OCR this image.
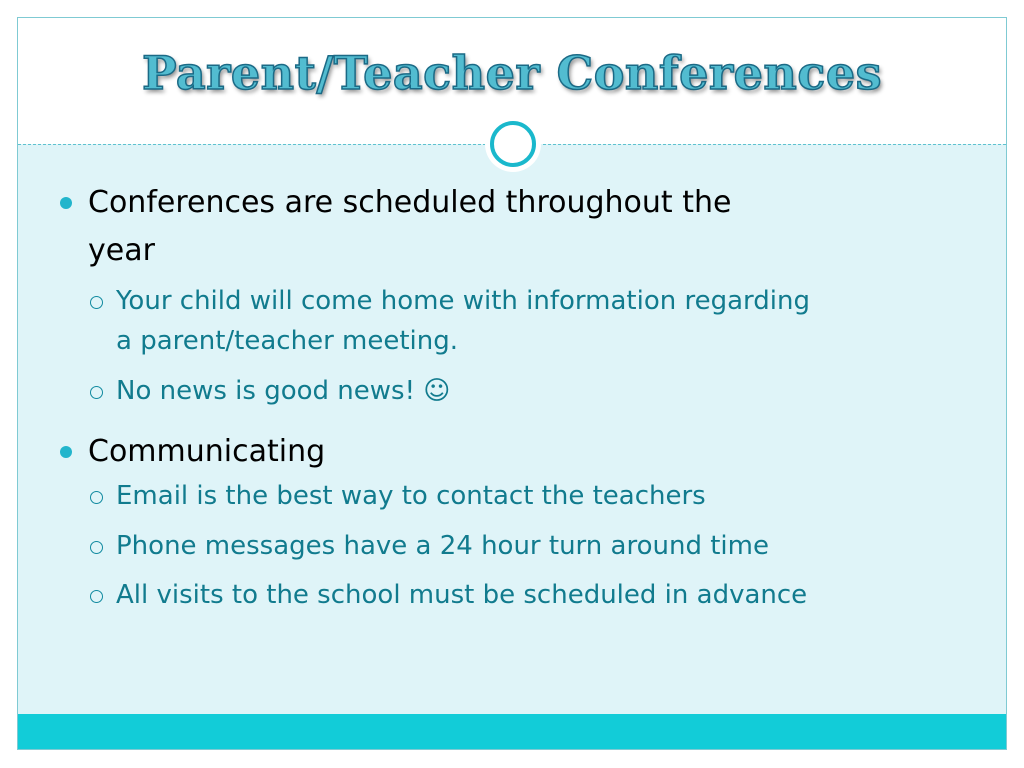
Parent/Teacher Conferences
Conferences are scheduled throughout the
year
Your child will come home with information regarding
a parent/teacher meeting.
No news is good news! ☺
Communicating
Email is the best way to contact the teachers
Phone messages have a 24 hour turn around time
All visits to the school must be scheduled in advance
